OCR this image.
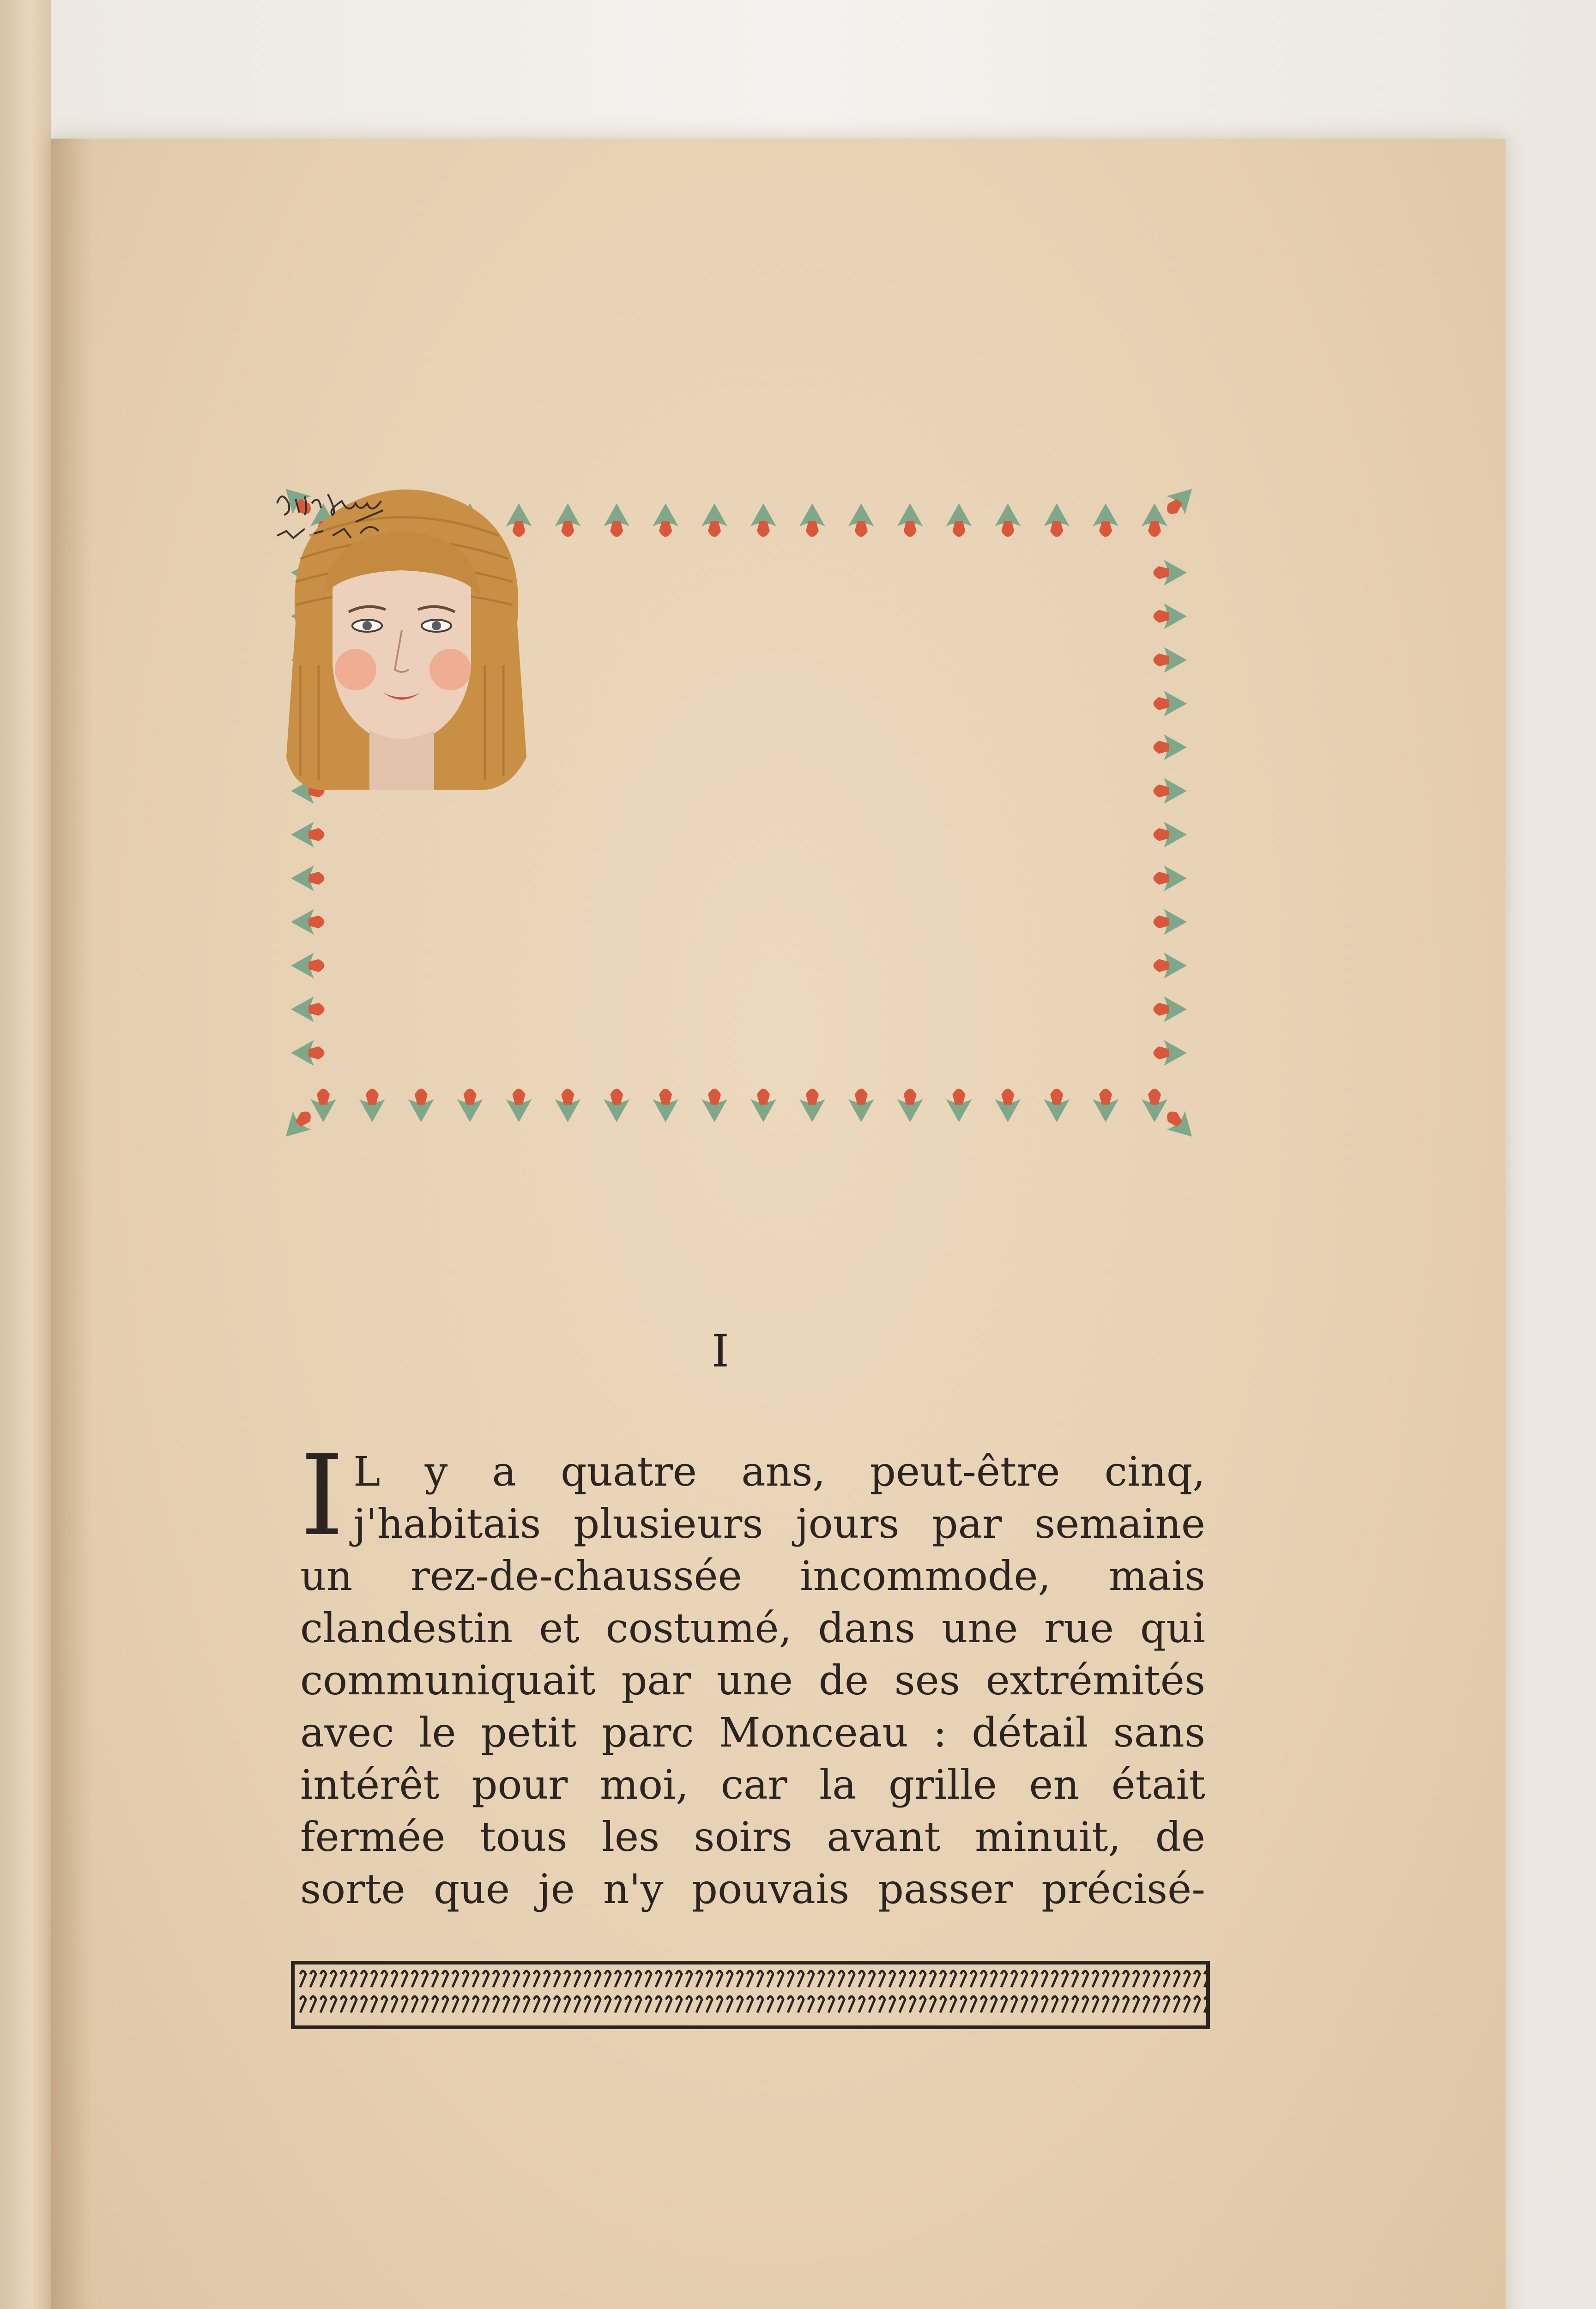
I
I L y a quatre ans, peut-être cinq,
j'habitais plusieurs jours par semaine
un rez-de-chaussée incommode, mais
clandestin et costumé, dans une rue qui
communiquait par une de ses extrémités
avec le petit parc Monceau : détail sans
intérêt pour moi, car la grille en était
fermée tous les soirs avant minuit, de
sorte que je n'y pouvais passer précisé-
